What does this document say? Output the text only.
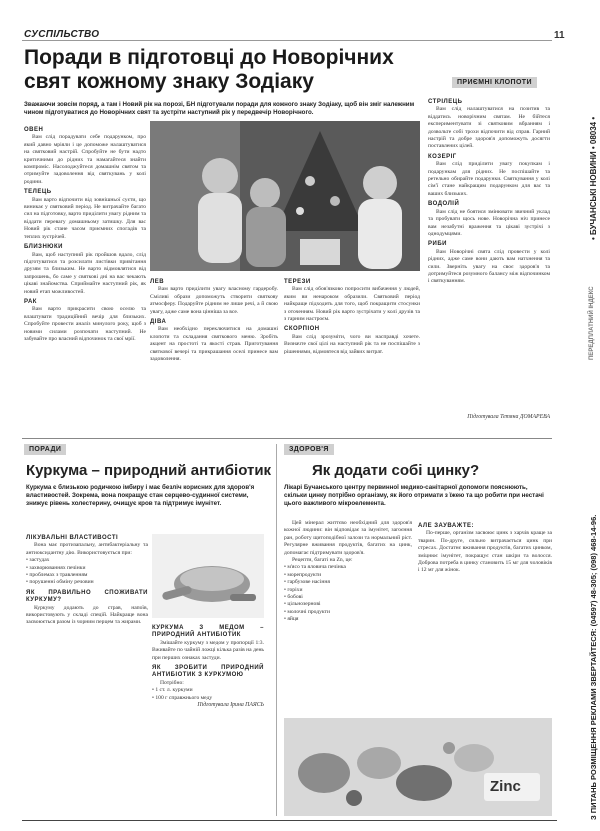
СУСПІЛЬСТВО	11
Поради в підготовці до Новорічних свят кожному знаку Зодіаку	ПРИЄМНІ КЛОПОТИ
Зважаючи зовсім поряд, а там і Новий рік на порозі, БН підготували поради для кожного знаку Зодіаку, щоб він зміг належним чином підготуватися до Новорічних свят та зустріти наступний рік у передвечір Новорічного.
ОВЕН

Вам слід порадувати себе подарунком, про який давно мріяли і це допоможе налаштуватися на святковий настрій. Спробуйте не бути надто критичними до рідних та намагайтеся знайти компроміс. Насолоджуйтеся домашнім святом та отримуйте задоволення від святкувань у колі родини.

ТЕЛЕЦЬ

Вам варто відпочити від зовнішньої суєти, що виникає у святковий період. Не витрачайте багато сил на підготовку, варто приділити увагу рідним та віддати перевагу домашньому затишку. Для вас Новий рік стане часом приємних спогадів та теплих зустрічей.

БЛИЗНЮКИ

Вам, щоб наступний рік пройшов вдало, слід підготуватися та розсилати листівки привітання друзям та близьким. Не варто відмовлятися від запрошень, бо саме у святкові дні на вас чекають цікаві знайомства. Сприймайте наступний рік, як новий етап можливостей.

РАК

Вам варто прикрасити свою оселю та влаштувати традиційний вечір для близьких. Спробуйте провести аналіз минулого року, щоб з новими силами розпочати наступний. Не забувайте про власний відпочинок та свої мрії.

ЛЕВ

Вам варто приділити увагу власному гардеробу. Сміливі образи допоможуть створити святкову атмосферу. Подаруйте рідним не лише речі, а й свою увагу, адже саме вона цінніша за все.

ДІВА

Вам необхідно переключитися на домашні клопоти та складання святкового меню. Зробіть акцент на простоті та якості страв. Приготування святкової вечері та прикрашання оселі принесе вам задоволення.

ТЕРЕЗИ

Вам слід обов'язково попросити вибачення у людей, яким ви ненароком образили. Святковий період найкраще підходить для того, щоб покращити стосунки з оточенням. Новий рік варто зустрічати у колі друзів та з гарним настроєм.

СКОРПІОН

Вам слід зрозуміти, чого ви насправді хочете. Визначте свої цілі на наступний рік та не поспішайте з рішеннями, відмовтеся від зайвих витрат.

СТРІЛЕЦЬ

Вам слід налаштуватися на позитив та віддатись новорічним святам. Не бійтеся експериментувати зі святковим вбранням і дозвольте собі трохи відпочити від справ. Гарний настрій та добре здоров'я допоможуть досягти поставлених цілей.

КОЗЕРІГ

Вам слід приділити увагу покупкам і подарункам для рідних. Не поспішайте та ретельно обирайте подарунки. Святкування у колі сім'ї стане найкращим подарунком для вас та ваших близьких.

ВОДОЛІЙ

Вам слід не боятися змінювати звичний уклад та пробувати щось нове. Новорічна ніч принесе вам незабутні враження та цікаві зустрічі з однодумцями.

РИБИ

Вам Новорічні свята слід провести у колі рідних, адже саме вони дають вам натхнення та сили. Зверніть увагу на своє здоров'я та дотримуйтеся розумного балансу між відпочинком і святкуванням.

Підготувала Тетяна ДОМАРЕВА
ПОРАДИ
Куркума – природний антибіотик
Куркума є близькою родичкою імбиру і має безліч корисних для здоров'я властивостей. Зокрема, вона покращує стан серцево-судинної системи, знижує рівень холестерину, очищує кров та підтримує імунітет.
ЛІКУВАЛЬНІ ВЛАСТИВОСТІ

Вона має протизапальну, антибактеріальну та антиоксидантну дію. Використовується при:

• застудах
• захворюваннях печінки
• проблемах з травленням
• порушенні обміну речовин
ЯК ПРАВИЛЬНО СПОЖИВАТИ КУРКУМУ?

Куркуму додають до страв, напоїв, використовують у складі спецій. Найкраще вона засвоюється разом із чорним перцем та жирами.

КУРКУМА З МЕДОМ – ПРИРОДНИЙ АНТИБІОТИК

Змішайте куркуму з медом у пропорції 1:3. Вживайте по чайній ложці кілька разів на день при перших ознаках застуди.

ЯК ЗРОБИТИ ПРИРОДНИЙ АНТИБІОТИК З КУРКУМОЮ

Потрібно:

• 1 ст. л. куркуми
• 100 г справжнього меду

Підготувала Ірина ПАЯСЬ

ЗДОРОВ'Я
Як додати собі цинку?
Лікарі Бучанського центру первинної медико-санітарної допомоги пояснюють, скільки цинку потрібно організму, як його отримати з їжею та що робити при нестачі цього важливого мікроелемента.

Цей мінерал життєво необхідний для здоров'я кожної людини: він відповідає за імунітет, загоєння ран, роботу щитоподібної залози та нормальний ріст. Регулярне вживання продуктів, багатих на цинк, допомагає підтримувати здоров'я.

Рецепти, багаті на Zn, це:

• м'ясо та яловича печінка
• морепродукти
• гарбузове насіння
• горіхи
• бобові
• цільнозернові
• молочні продукти
• яйця
АЛЕ ЗАУВАЖТЕ:

По-перше, організм засвоює цинк з харчів краще за тварин. По-друге, сильно витрачається цинк при стресах. Достатнє вживання продуктів, багатих цинком, зміцнює імунітет, покращує стан шкіри та волосся. Доброва потреба в цинку становить 15 мг для чоловіків і 12 мг для жінок.

Zinc
• БУЧАНСЬКІ НОВИНИ • 08034 •
ПЕРЕДПЛАТНИЙ ІНДЕКС
З ПИТАНЬ РОЗМІЩЕННЯ РЕКЛАМИ ЗВЕРТАЙТЕСЯ: (04597) 48-305; (098) 468-14-96.
